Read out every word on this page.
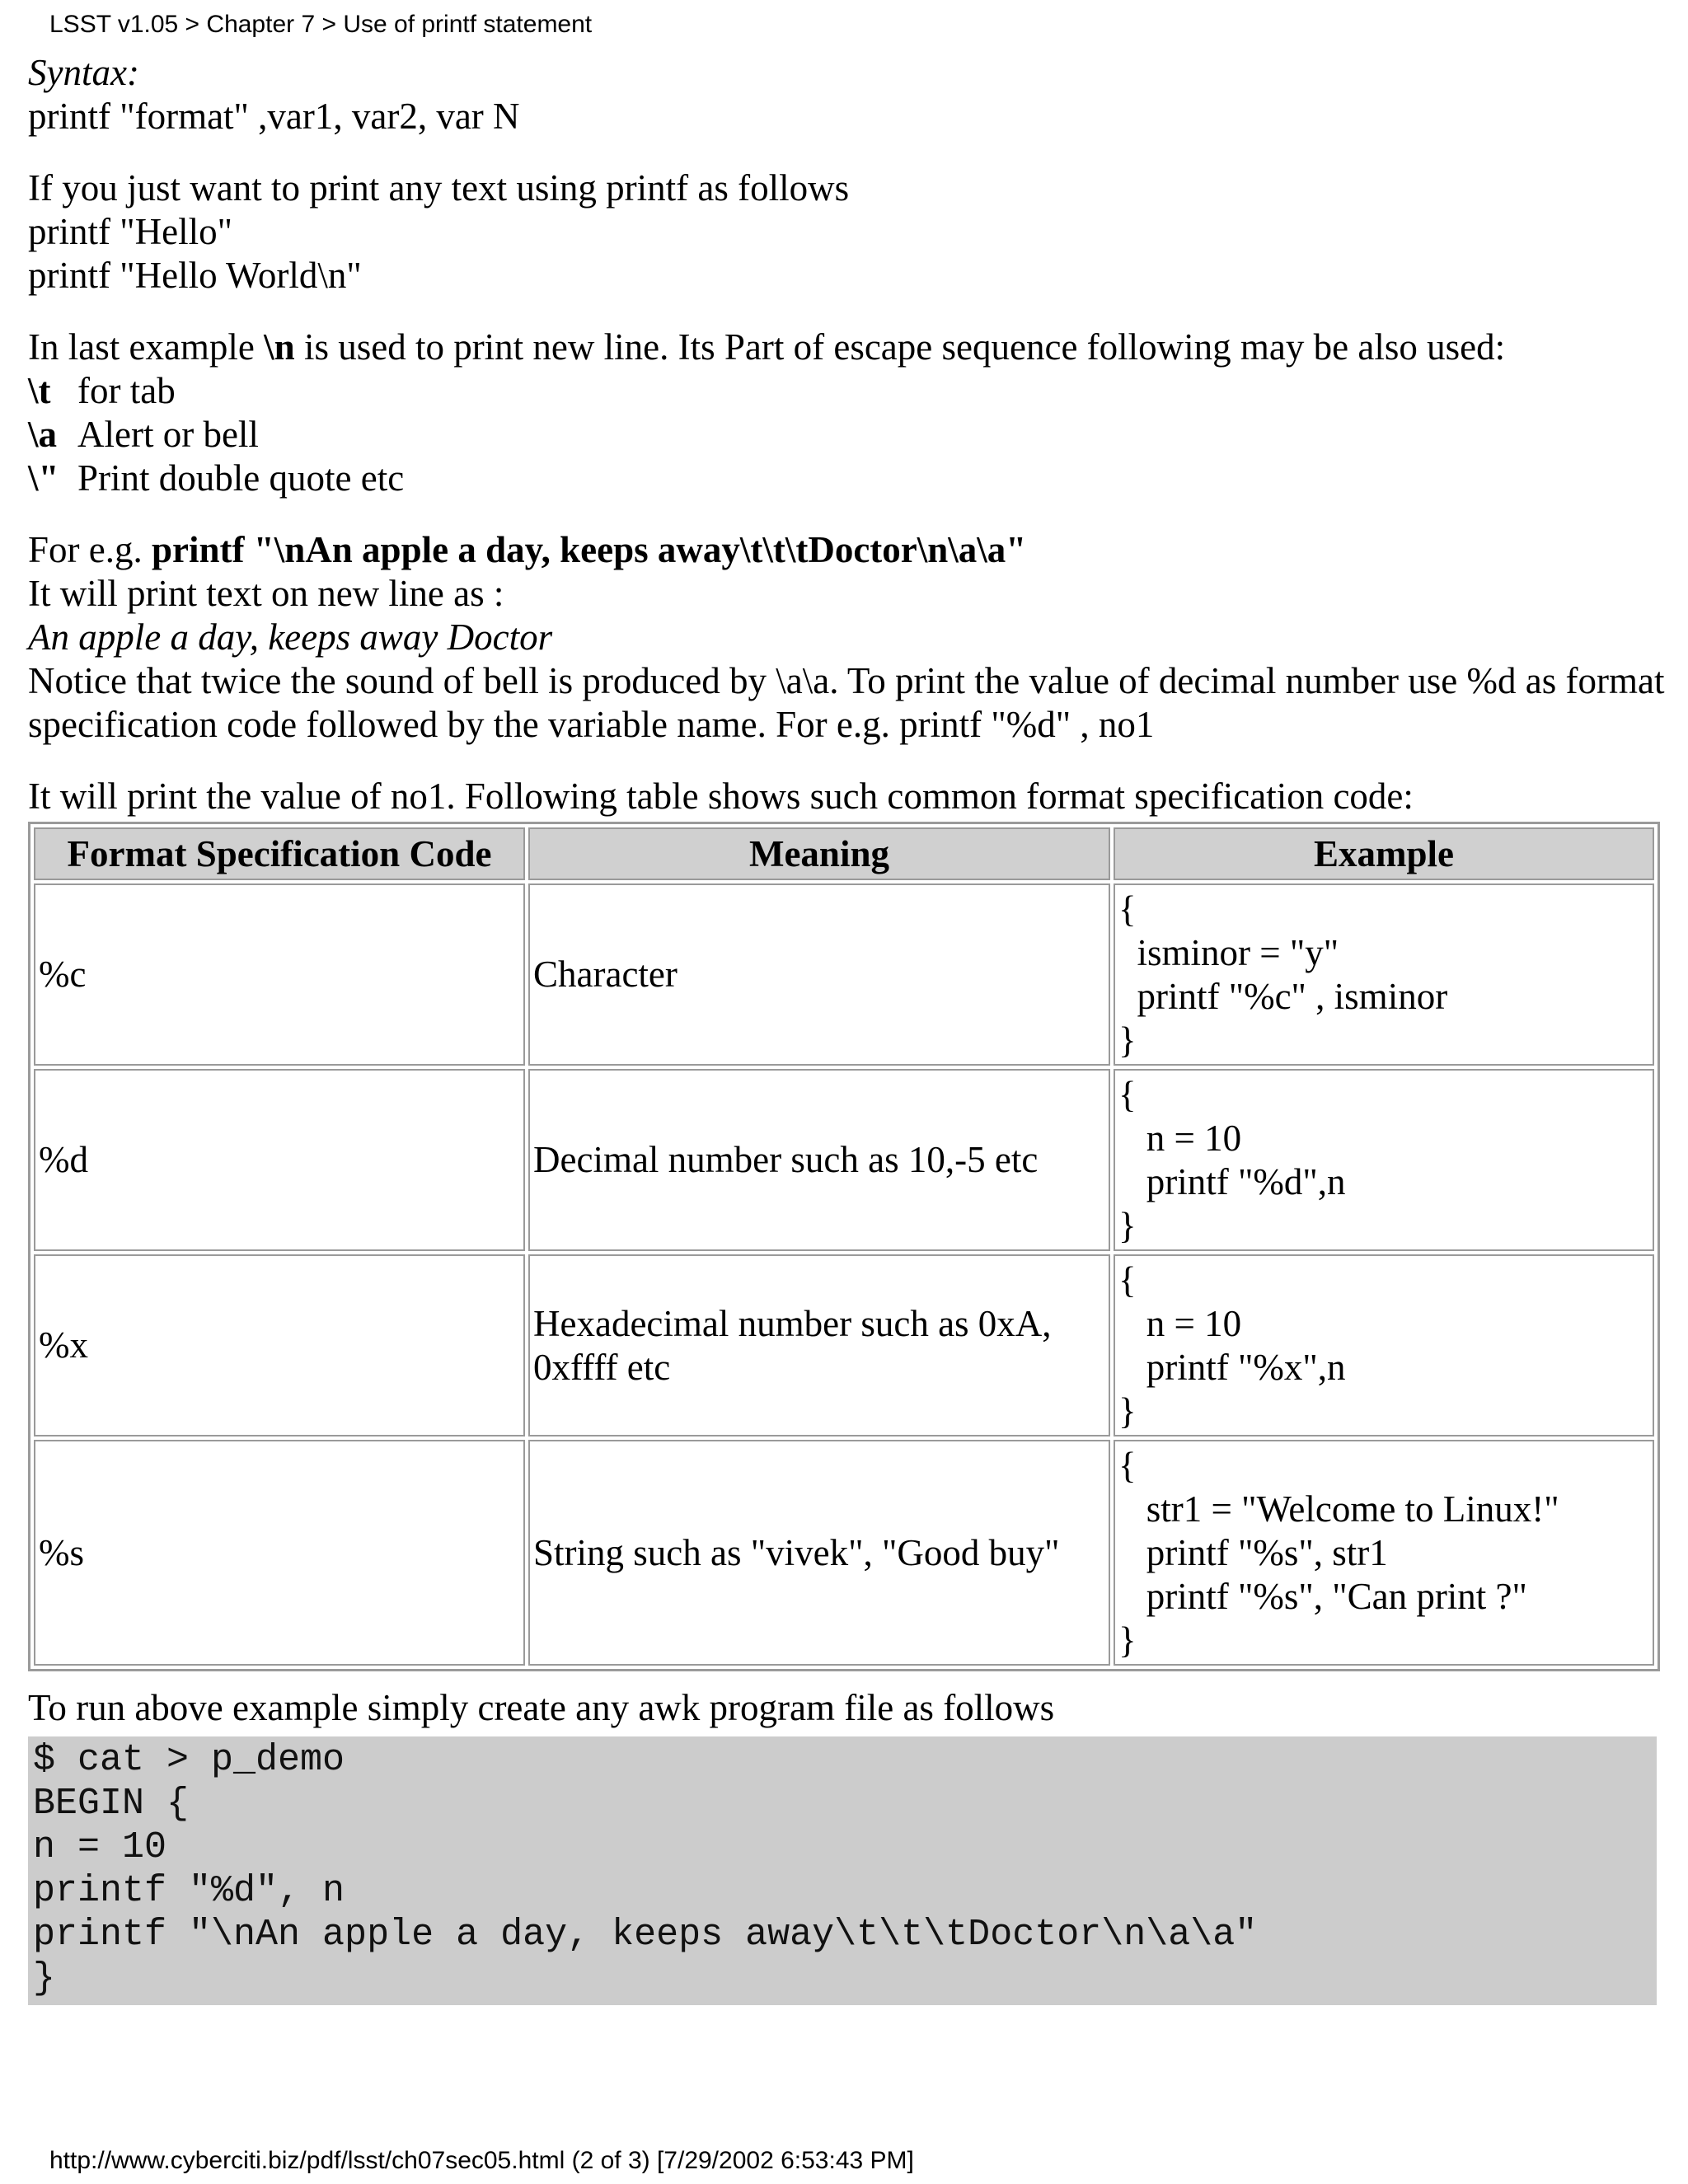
LSST v1.05 > Chapter 7 > Use of printf statement

Syntax:

printf "format" ,var1, var2, var N

If you just want to print any text using printf as follows

printf "Hello"

printf "Hello World\n"

In last example \n is used to print new line. Its Part of escape sequence following may be also used:

\t for tab

\a Alert or bell

\" Print double quote etc

For e.g. printf "\nAn apple a day, keeps away\t\t\tDoctor\n\a\a"

It will print text on new line as :

An apple a day, keeps away Doctor

Notice that twice the sound of bell is produced by \a\a. To print the value of decimal number use %d as format specification code followed by the variable name. For e.g. printf "%d" , no1

It will print the value of no1. Following table shows such common format specification code:

Format Specification Code	Meaning	Example
%c	Character	{
isminor = "y"
printf "%c" , isminor
}
%d	Decimal number such as 10,-5 etc	{
n = 10
printf "%d",n
}
%x	Hexadecimal number such as 0xA,
0xffff etc	{
n = 10
printf "%x",n
}
%s	String such as "vivek", "Good buy"	{
str1 = "Welcome to Linux!"
printf "%s", str1
printf "%s", "Can print ?"
}

To run above example simply create any awk program file as follows

$ cat > p_demo
BEGIN {
n = 10
printf "%d", n
printf "\nAn apple a day, keeps away\t\t\tDoctor\n\a\a"
}
http://www.cyberciti.biz/pdf/lsst/ch07sec05.html (2 of 3) [7/29/2002 6:53:43 PM]
